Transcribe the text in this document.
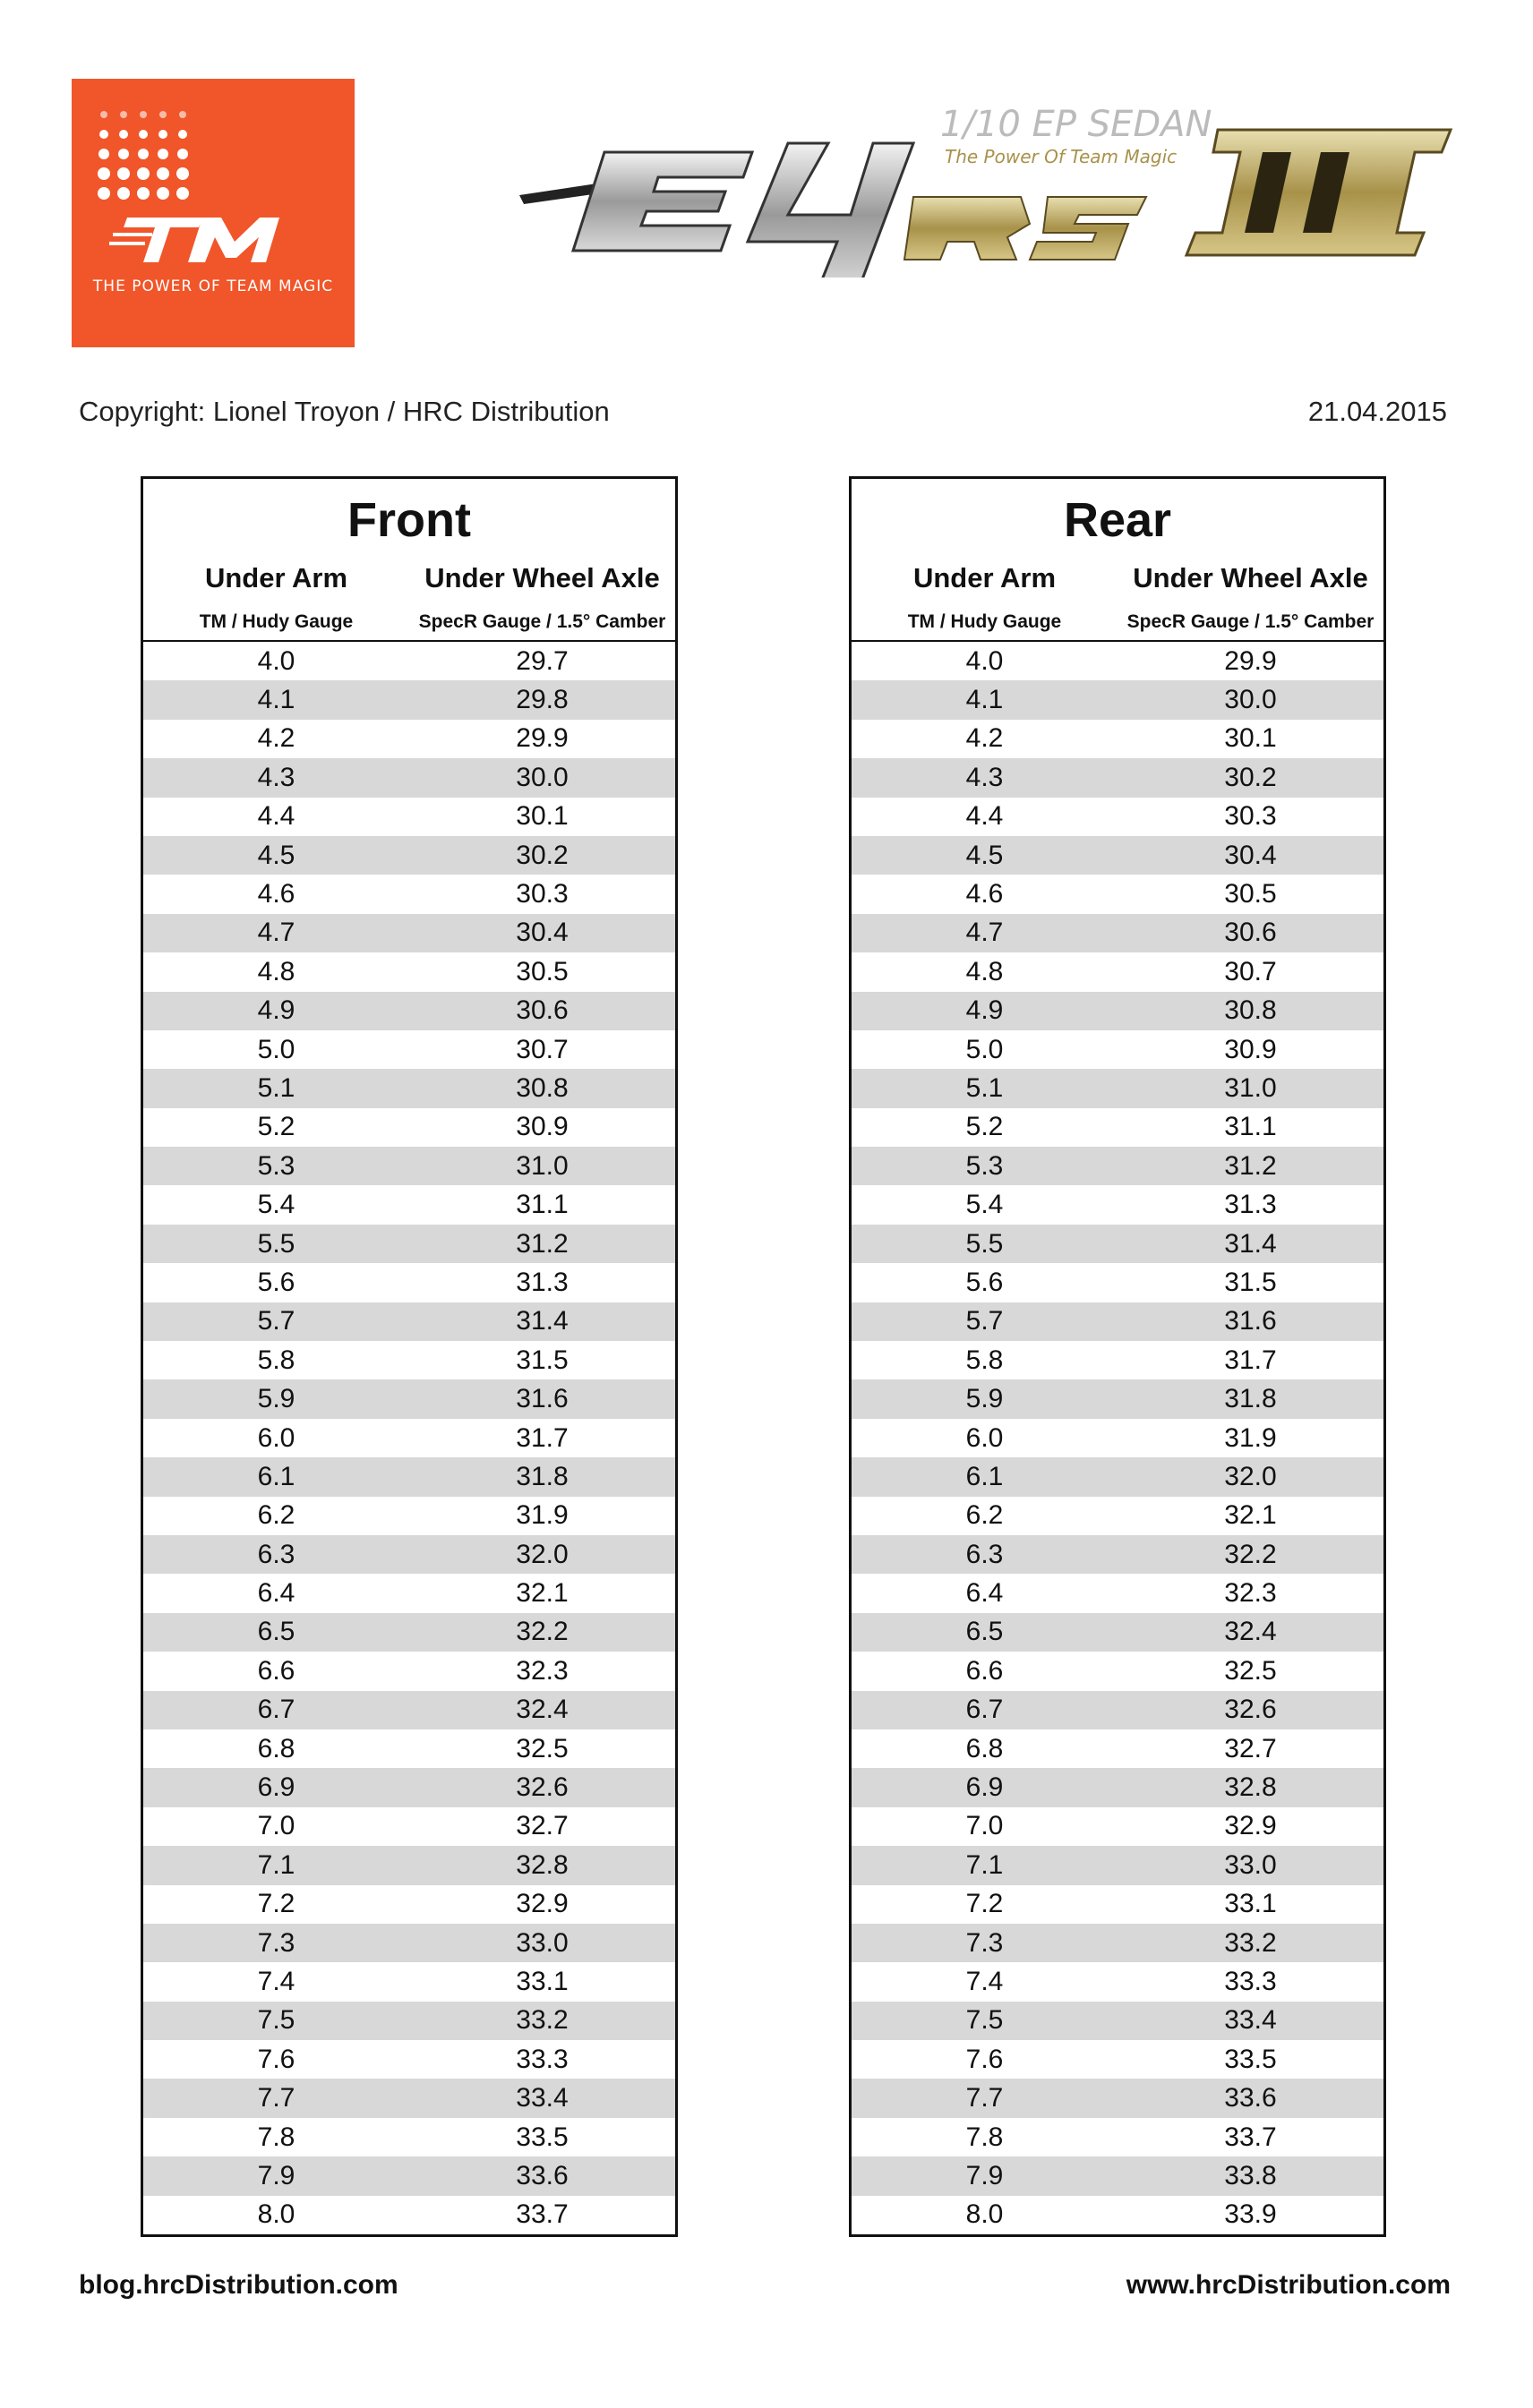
THE POWER OF TEAM MAGIC
1/10 EP SEDAN
The Power Of Team Magic
Copyright: Lionel Troyon / HRC Distribution	21.04.2015
Front
Under Arm	Under Wheel Axle
TM / Hudy Gauge	SpecR Gauge / 1.5° Camber
4.0	29.7
4.1	29.8
4.2	29.9
4.3	30.0
4.4	30.1
4.5	30.2
4.6	30.3
4.7	30.4
4.8	30.5
4.9	30.6
5.0	30.7
5.1	30.8
5.2	30.9
5.3	31.0
5.4	31.1
5.5	31.2
5.6	31.3
5.7	31.4
5.8	31.5
5.9	31.6
6.0	31.7
6.1	31.8
6.2	31.9
6.3	32.0
6.4	32.1
6.5	32.2
6.6	32.3
6.7	32.4
6.8	32.5
6.9	32.6
7.0	32.7
7.1	32.8
7.2	32.9
7.3	33.0
7.4	33.1
7.5	33.2
7.6	33.3
7.7	33.4
7.8	33.5
7.9	33.6
8.0	33.7
Rear
Under Arm	Under Wheel Axle
TM / Hudy Gauge	SpecR Gauge / 1.5° Camber
4.0	29.9
4.1	30.0
4.2	30.1
4.3	30.2
4.4	30.3
4.5	30.4
4.6	30.5
4.7	30.6
4.8	30.7
4.9	30.8
5.0	30.9
5.1	31.0
5.2	31.1
5.3	31.2
5.4	31.3
5.5	31.4
5.6	31.5
5.7	31.6
5.8	31.7
5.9	31.8
6.0	31.9
6.1	32.0
6.2	32.1
6.3	32.2
6.4	32.3
6.5	32.4
6.6	32.5
6.7	32.6
6.8	32.7
6.9	32.8
7.0	32.9
7.1	33.0
7.2	33.1
7.3	33.2
7.4	33.3
7.5	33.4
7.6	33.5
7.7	33.6
7.8	33.7
7.9	33.8
8.0	33.9
blog.hrcDistribution.com	www.hrcDistribution.com
